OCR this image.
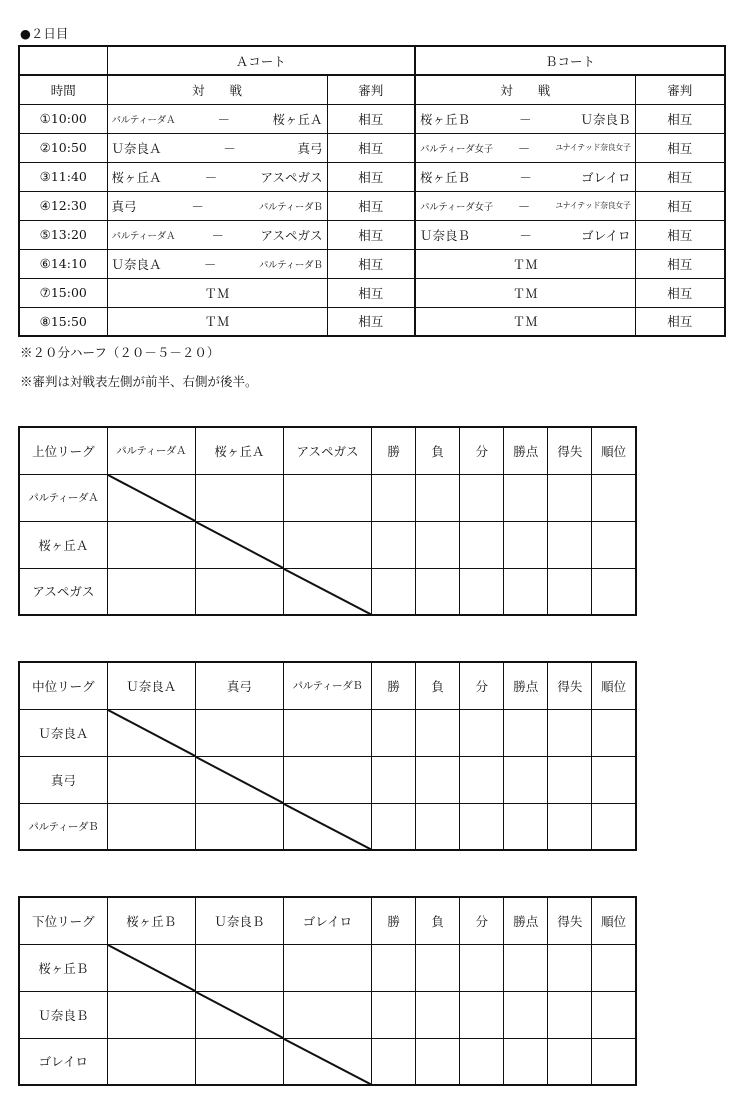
●２日目
	Ａコート		Ｂコート	
時間	対　　戦	審判	対　　戦	審判
①10:00	パルティーダＡ － 桜ヶ丘Ａ	相互	桜ヶ丘Ｂ － Ｕ奈良Ｂ	相互
②10:50	Ｕ奈良Ａ － 真弓	相互	パルティーダ女子 － ユナイテッド奈良女子	相互
③11:40	桜ヶ丘Ａ － アスペガス	相互	桜ヶ丘Ｂ － ゴレイロ	相互
④12:30	真弓 － パルティーダＢ	相互	パルティーダ女子 － ユナイテッド奈良女子	相互
⑤13:20	パルティーダＡ － アスペガス	相互	Ｕ奈良Ｂ － ゴレイロ	相互
⑥14:10	Ｕ奈良Ａ － パルティーダＢ	相互	ＴＭ	相互
⑦15:00	ＴＭ	相互	ＴＭ	相互
⑧15:50	ＴＭ	相互	ＴＭ	相互
※２０分ハーフ（２０－５－２０）
※審判は対戦表左側が前半、右側が後半。
上位リーグ	パルティーダＡ	桜ヶ丘Ａ	アスペガス	勝	負	分	勝点	得失	順位
パルティーダＡ	

桜ヶ丘Ａ		

アスペガス			

中位リーグ	Ｕ奈良Ａ	真弓	パルティーダＢ	勝	負	分	勝点	得失	順位
Ｕ奈良Ａ	

真弓		

パルティーダＢ			

下位リーグ	桜ヶ丘Ｂ	Ｕ奈良Ｂ	ゴレイロ	勝	負	分	勝点	得失	順位
桜ヶ丘Ｂ	

Ｕ奈良Ｂ		

ゴレイロ			
